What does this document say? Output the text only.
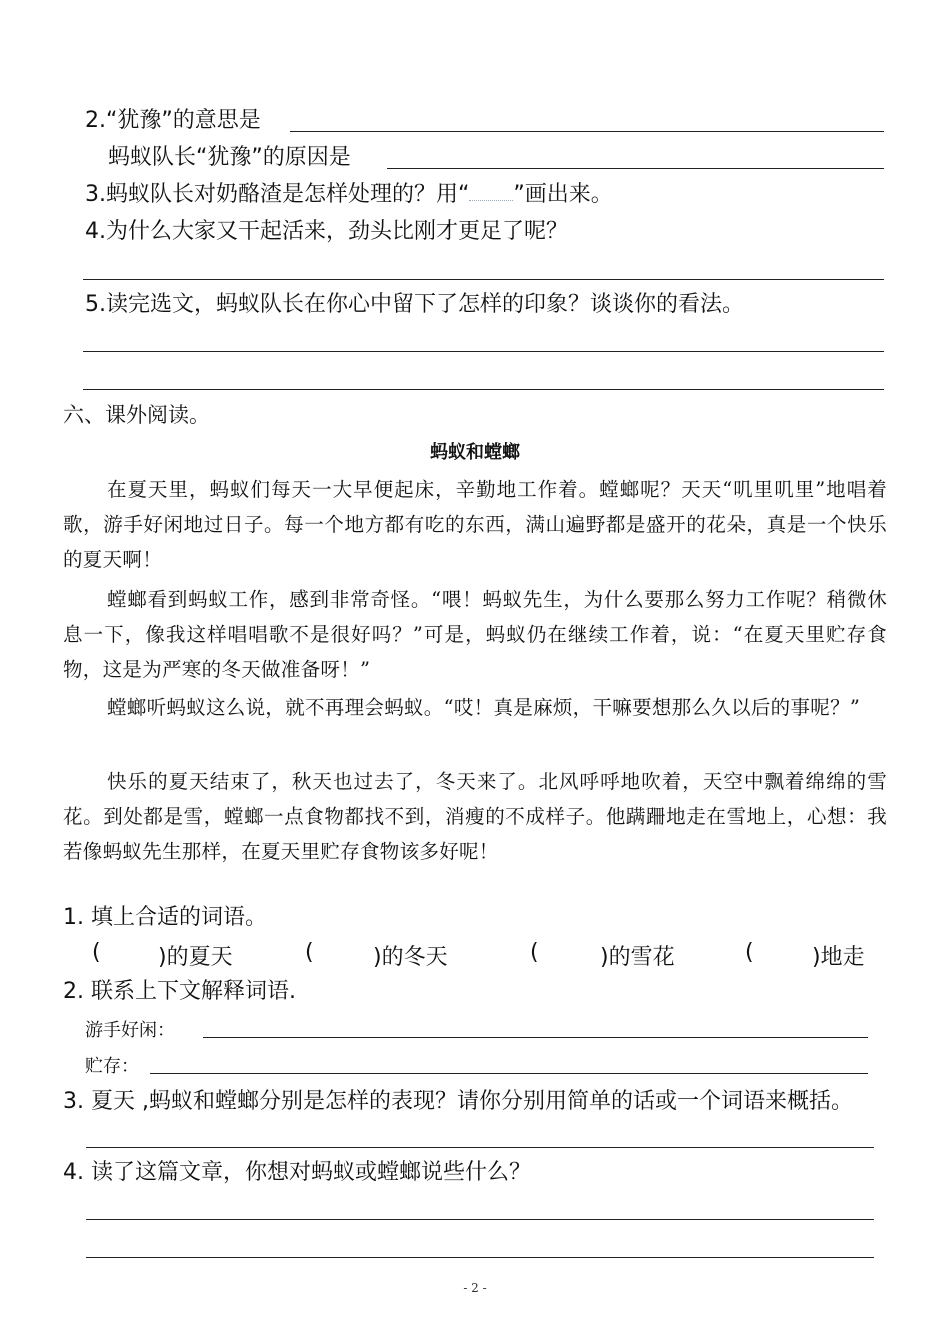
2.“犹豫”的意思是
蚂蚁队长“犹豫”的原因是
3.蚂蚁队长对奶酪渣是怎样处理的？用“ ”画出来。
4.为什么大家又干起活来，劲头比刚才更足了呢？
5.读完选文，蚂蚁队长在你心中留下了怎样的印象？谈谈你的看法。
六、课外阅读。
蚂蚁和螳螂
在夏天里，蚂蚁们每天一大早便起床，辛勤地工作着。螳螂呢？天天“叽里叽里”地唱着歌，游手好闲地过日子。每一个地方都有吃的东西，满山遍野都是盛开的花朵，真是一个快乐的夏天啊！
螳螂看到蚂蚁工作，感到非常奇怪。“喂！蚂蚁先生，为什么要那么努力工作呢？稍微休息一下，像我这样唱唱歌不是很好吗？”可是，蚂蚁仍在继续工作着，说：“在夏天里贮存食物，这是为严寒的冬天做准备呀！”
螳螂听蚂蚁这么说，就不再理会蚂蚁。“哎！真是麻烦，干嘛要想那么久以后的事呢？”
快乐的夏天结束了，秋天也过去了，冬天来了。北风呼呼地吹着，天空中飘着绵绵的雪花。到处都是雪，螳螂一点食物都找不到，消瘦的不成样子。他蹒跚地走在雪地上，心想：我若像蚂蚁先生那样，在夏天里贮存食物该多好呢！
1. 填上合适的词语。
(	)的夏天	(	)的冬天	(	)的雪花	(	)地走
2. 联系上下文解释词语.
游手好闲：
贮存：
3. 夏天 ,蚂蚁和螳螂分别是怎样的表现？请你分别用简单的话或一个词语来概括。
4. 读了这篇文章，你想对蚂蚁或螳螂说些什么？
- 2 -
